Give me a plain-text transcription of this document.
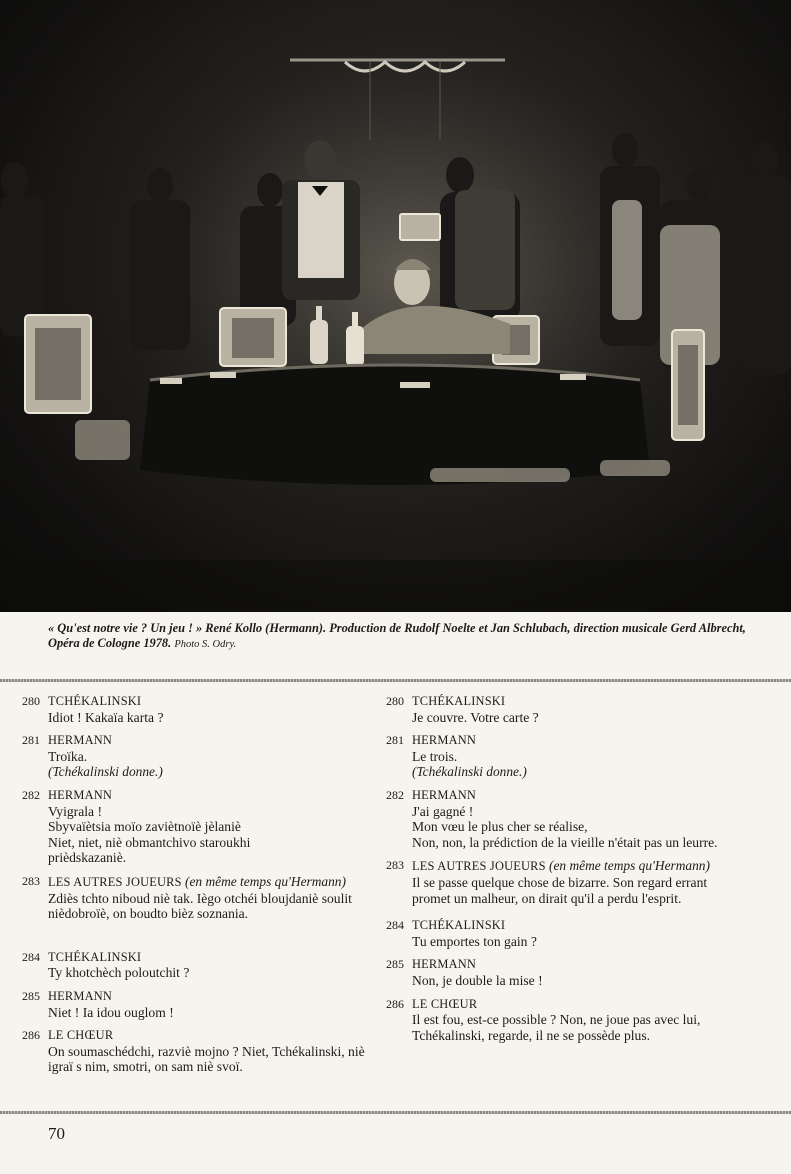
« Qu'est notre vie ? Un jeu ! » René Kollo (Hermann). Production de Rudolf Noelte et Jan Schlubach, direction musicale Gerd Albrecht, Opéra de Cologne 1978. Photo S. Odry.
280 TCHÉKALINSKI
Idiot ! Kakaïa karta ?
281 HERMANN
Troïka.
(Tchékalinski donne.)
282 HERMANN
Vyigrala !
Sbyvaïètsia moïo zaviètnoïè jèlaniè
Niet, niet, niè obmantchivo staroukhi
prièdskazaniè.
283 LES AUTRES JOUEURS (en même temps qu'Hermann)
Zdiès tchto niboud niè tak. Iègo otchéi bloujdaniè soulit nièdobroïè, on boudto bièz soznania.
284 TCHÉKALINSKI
Ty khotchèch poloutchit ?
285 HERMANN
Niet ! Ia idou ouglom !
286 LE CHŒUR
On soumaschédchi, razviè mojno ? Niet, Tchékalinski, niè igraï s nim, smotri, on sam niè svoï.
280 TCHÉKALINSKI
Je couvre. Votre carte ?
281 HERMANN
Le trois.
(Tchékalinski donne.)
282 HERMANN
J'ai gagné !
Mon vœu le plus cher se réalise,
Non, non, la prédiction de la vieille n'était pas un leurre.
283 LES AUTRES JOUEURS (en même temps qu'Hermann)
Il se passe quelque chose de bizarre. Son regard errant promet un malheur, on dirait qu'il a perdu l'esprit.
284 TCHÉKALINSKI
Tu emportes ton gain ?
285 HERMANN
Non, je double la mise !
286 LE CHŒUR
Il est fou, est-ce possible ? Non, ne joue pas avec lui, Tchékalinski, regarde, il ne se possède plus.
70
